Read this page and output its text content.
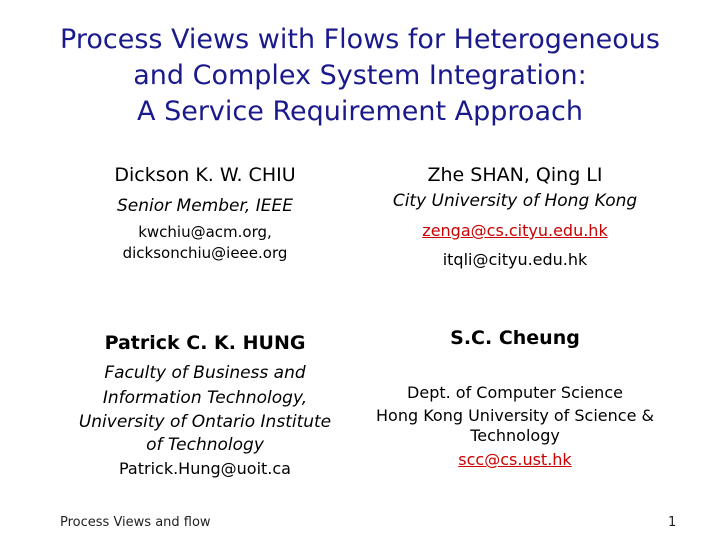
Process Views with Flows for Heterogeneous
and Complex System Integration:
A Service Requirement Approach
Dickson K. W. CHIU
Senior Member, IEEE
kwchiu@acm.org,
dicksonchiu@ieee.org
Zhe SHAN, Qing LI
City University of Hong Kong
zenga@cs.cityu.edu.hk
itqli@cityu.edu.hk
Patrick C. K. HUNG
Faculty of Business and
Information Technology,
University of Ontario Institute
of Technology
Patrick.Hung@uoit.ca
S.C. Cheung
Dept. of Computer Science
Hong Kong University of Science &
Technology
scc@cs.ust.hk
Process Views and flow	1
